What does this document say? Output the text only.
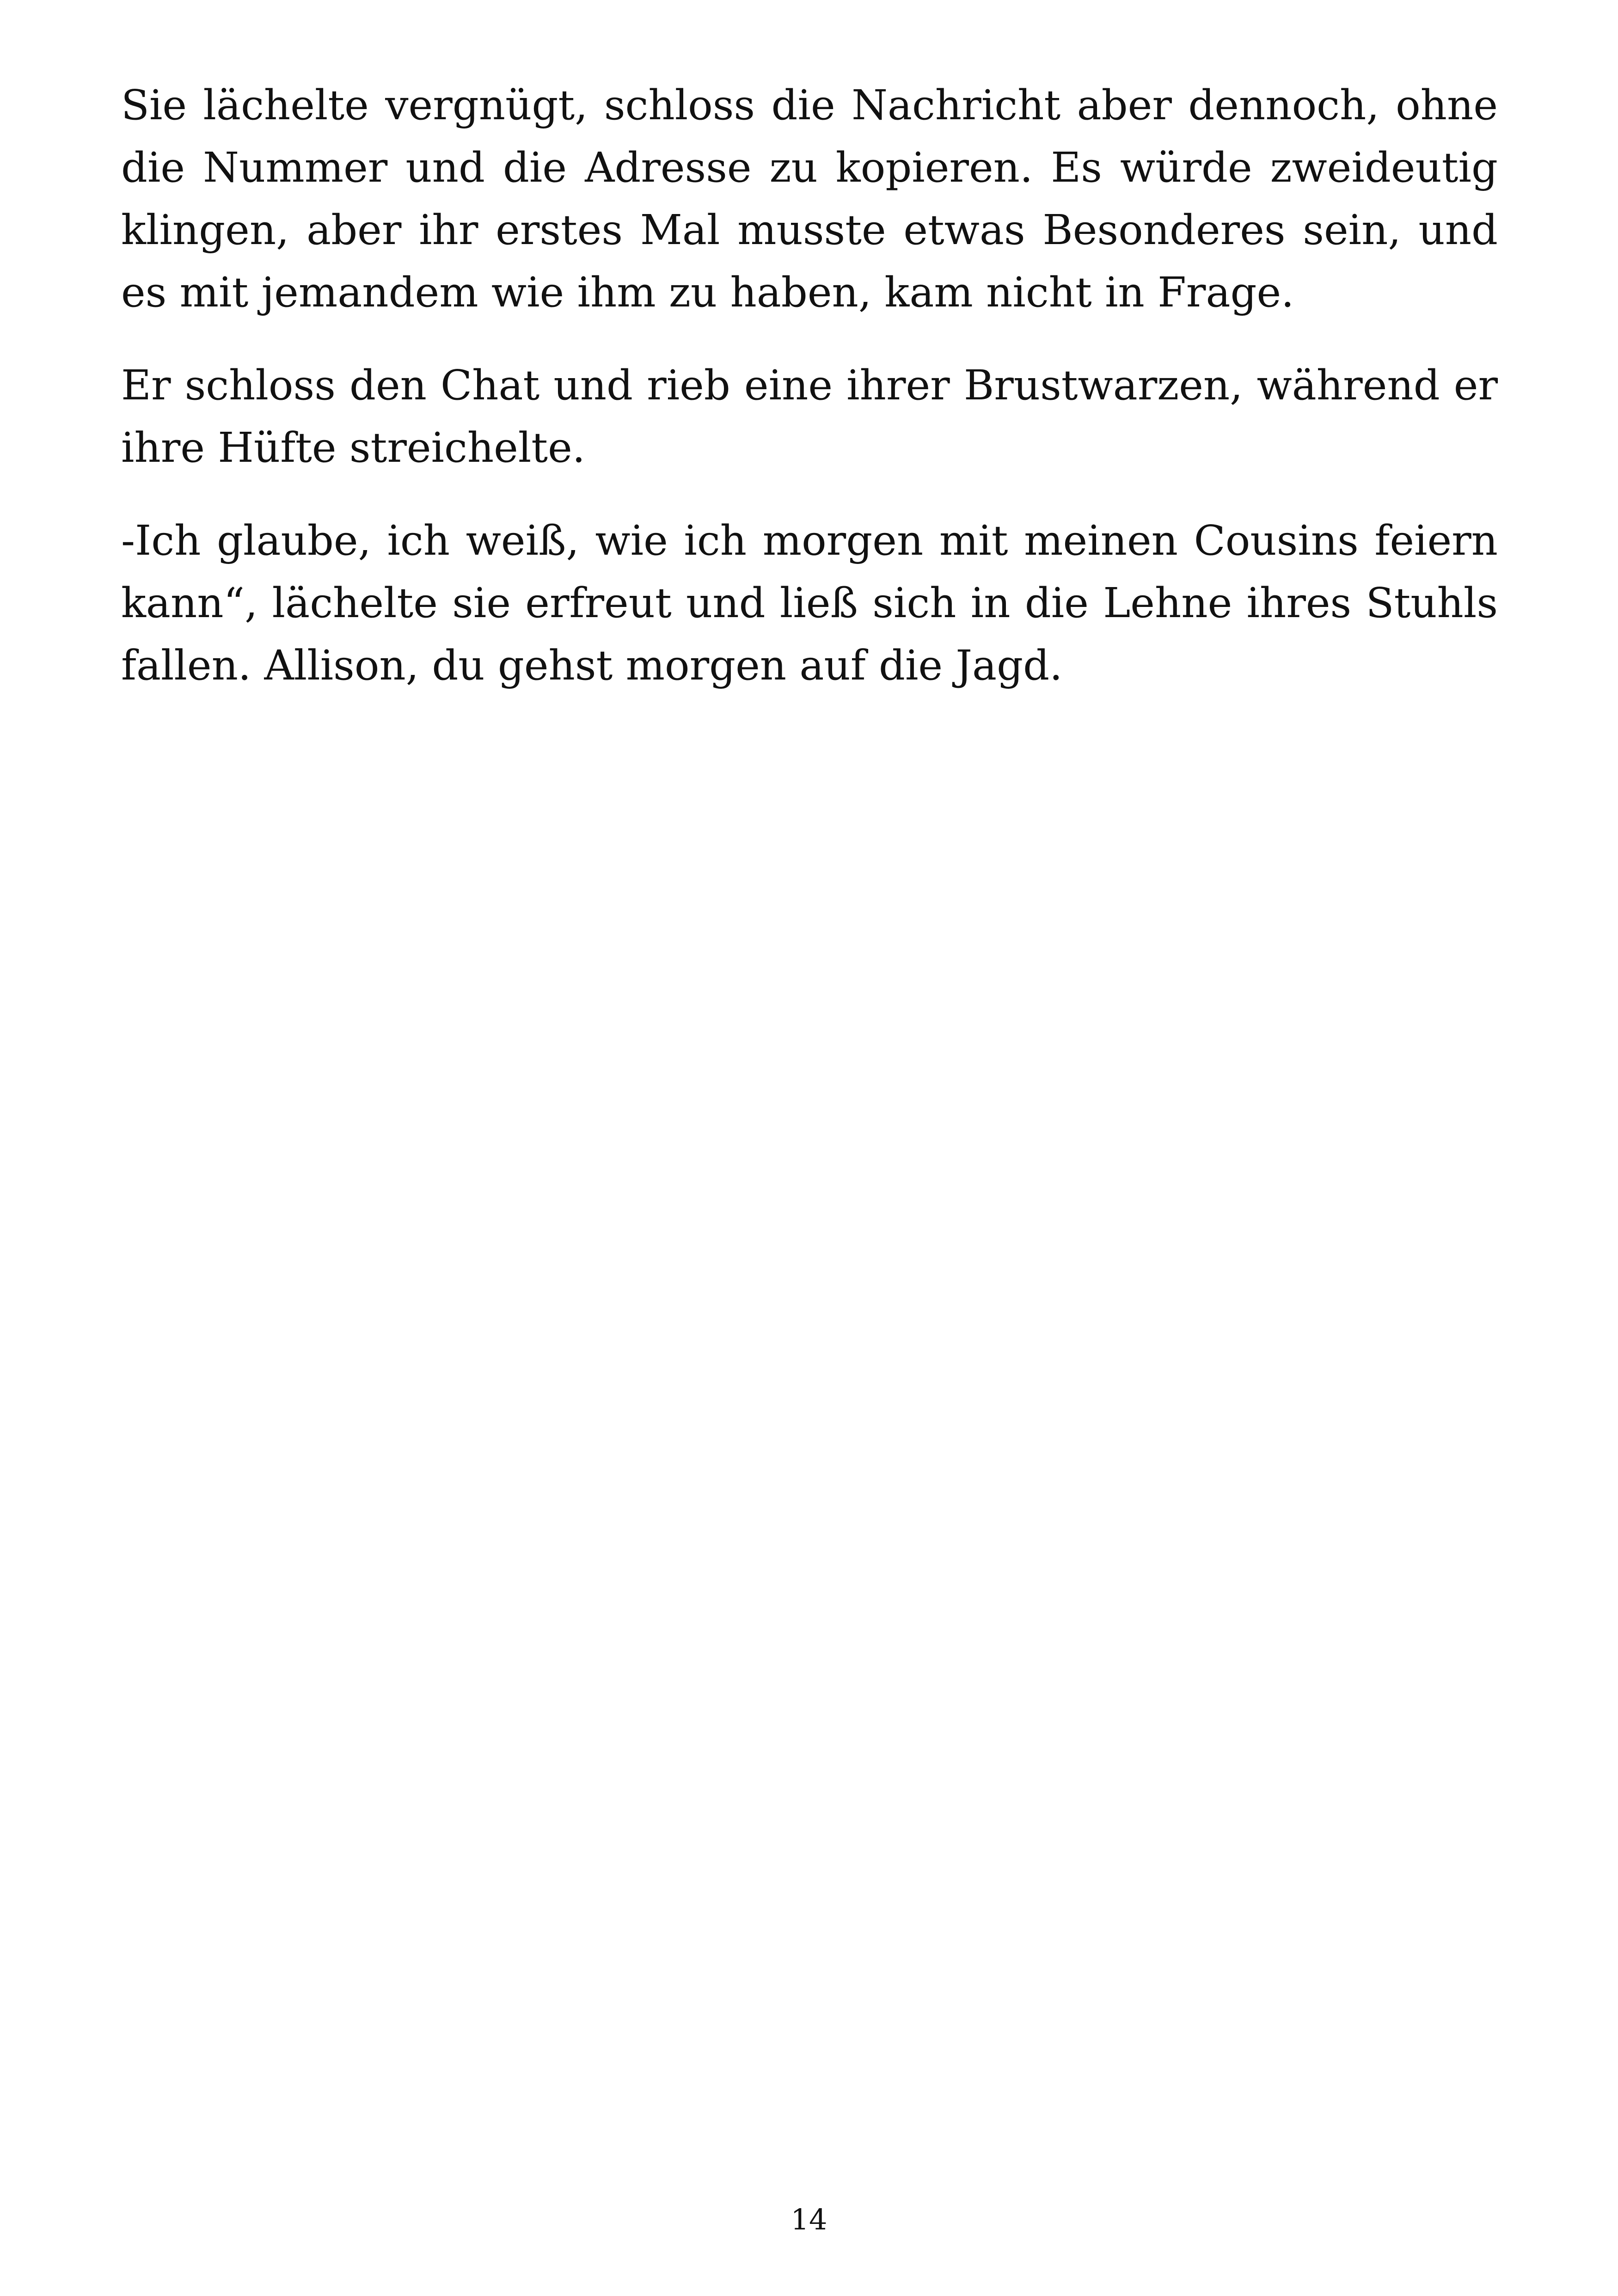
Sie lächelte vergnügt, schloss die Nachricht aber dennoch, ohne die Nummer und die Adresse zu kopieren. Es würde zweideutig klingen, aber ihr erstes Mal musste etwas Besonderes sein, und es mit jemandem wie ihm zu haben, kam nicht in Frage.

Er schloss den Chat und rieb eine ihrer Brustwarzen, während er ihre Hüfte streichelte.

-Ich glaube, ich weiß, wie ich morgen mit meinen Cousins feiern kann“, lächelte sie erfreut und ließ sich in die Lehne ihres Stuhls fallen. Allison, du gehst morgen auf die Jagd.

14
